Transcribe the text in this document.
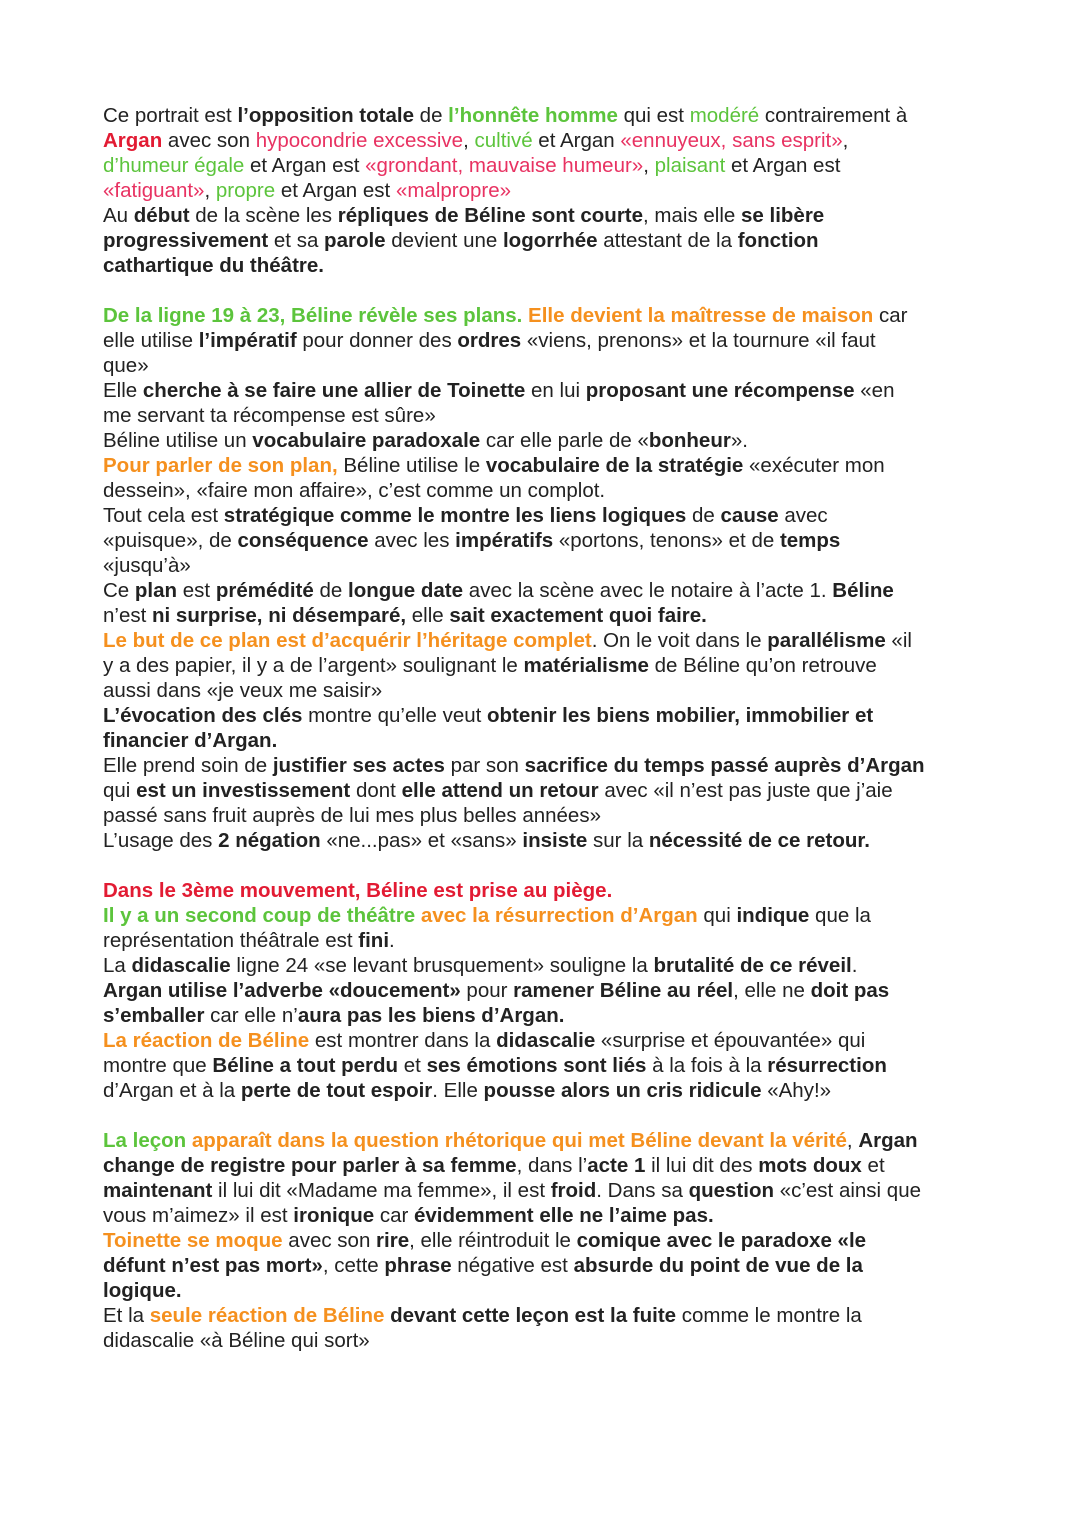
Ce portrait est l’opposition totale de l’honnête homme qui est modéré contrairement à
Argan avec son hypocondrie excessive, cultivé et Argan «ennuyeux, sans esprit»,
d’humeur égale et Argan est «grondant, mauvaise humeur», plaisant et Argan est
«fatiguant», propre et Argan est «malpropre»
Au début de la scène les répliques de Béline sont courte, mais elle se libère
progressivement et sa parole devient une logorrhée attestant de la fonction
cathartique du théâtre.
De la ligne 19 à 23, Béline révèle ses plans. Elle devient la maîtresse de maison car
elle utilise l’impératif pour donner des ordres «viens, prenons» et la tournure «il faut
que»
Elle cherche à se faire une allier de Toinette en lui proposant une récompense «en
me servant ta récompense est sûre»
Béline utilise un vocabulaire paradoxale car elle parle de «bonheur».
Pour parler de son plan, Béline utilise le vocabulaire de la stratégie «exécuter mon
dessein», «faire mon affaire», c’est comme un complot.
Tout cela est stratégique comme le montre les liens logiques de cause avec
«puisque», de conséquence avec les impératifs «portons, tenons» et de temps
«jusqu’à»
Ce plan est prémédité de longue date avec la scène avec le notaire à l’acte 1. Béline
n’est ni surprise, ni désemparé, elle sait exactement quoi faire.
Le but de ce plan est d’acquérir l’héritage complet. On le voit dans le parallélisme «il
y a des papier, il y a de l’argent» soulignant le matérialisme de Béline qu’on retrouve
aussi dans «je veux me saisir»
L’évocation des clés montre qu’elle veut obtenir les biens mobilier, immobilier et
financier d’Argan.
Elle prend soin de justifier ses actes par son sacrifice du temps passé auprès d’Argan
qui est un investissement dont elle attend un retour avec «il n’est pas juste que j’aie
passé sans fruit auprès de lui mes plus belles années»
L’usage des 2 négation «ne...pas» et «sans» insiste sur la nécessité de ce retour.
Dans le 3ème mouvement, Béline est prise au piège.
Il y a un second coup de théâtre avec la résurrection d’Argan qui indique que la
représentation théâtrale est fini.
La didascalie ligne 24 «se levant brusquement» souligne la brutalité de ce réveil.
Argan utilise l’adverbe «doucement» pour ramener Béline au réel, elle ne doit pas
s’emballer car elle n’aura pas les biens d’Argan.
La réaction de Béline est montrer dans la didascalie «surprise et épouvantée» qui
montre que Béline a tout perdu et ses émotions sont liés à la fois à la résurrection
d’Argan et à la perte de tout espoir. Elle pousse alors un cris ridicule «Ahy!»
La leçon apparaît dans la question rhétorique qui met Béline devant la vérité, Argan
change de registre pour parler à sa femme, dans l’acte 1 il lui dit des mots doux et
maintenant il lui dit «Madame ma femme», il est froid. Dans sa question «c’est ainsi que
vous m’aimez» il est ironique car évidemment elle ne l’aime pas.
Toinette se moque avec son rire, elle réintroduit le comique avec le paradoxe «le
défunt n’est pas mort», cette phrase négative est absurde du point de vue de la
logique.
Et la seule réaction de Béline devant cette leçon est la fuite comme le montre la
didascalie «à Béline qui sort»
